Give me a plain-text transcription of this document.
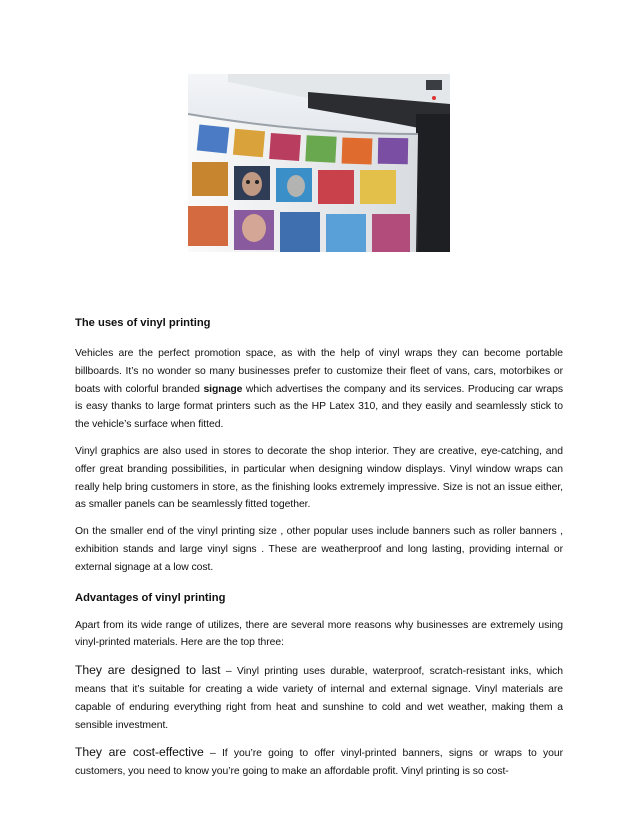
The uses of vinyl printing

Vehicles are the perfect promotion space, as with the help of vinyl wraps they can become portable billboards. It’s no wonder so many businesses prefer to customize their fleet of vans, cars, motorbikes or boats with colorful branded signage which advertises the company and its services. Producing car wraps is easy thanks to large format printers such as the HP Latex 310, and they easily and seamlessly stick to the vehicle’s surface when fitted.

Vinyl graphics are also used in stores to decorate the shop interior. They are creative, eye-catching, and offer great branding possibilities, in particular when designing window displays. Vinyl window wraps can really help bring customers in store, as the finishing looks extremely impressive. Size is not an issue either, as smaller panels can be seamlessly fitted together.

On the smaller end of the vinyl printing size , other popular uses include banners such as roller banners , exhibition stands and large vinyl signs . These are weatherproof and long lasting, providing internal or external signage at a low cost.

Advantages of vinyl printing

Apart from its wide range of utilizes, there are several more reasons why businesses are extremely using vinyl-printed materials. Here are the top three:

They are designed to last – Vinyl printing uses durable, waterproof, scratch-resistant inks, which means that it’s suitable for creating a wide variety of internal and external signage. Vinyl materials are capable of enduring everything right from heat and sunshine to cold and wet weather, making them a sensible investment.

They are cost-effective – If you’re going to offer vinyl-printed banners, signs or wraps to your customers, you need to know you’re going to make an affordable profit. Vinyl printing is so cost-
